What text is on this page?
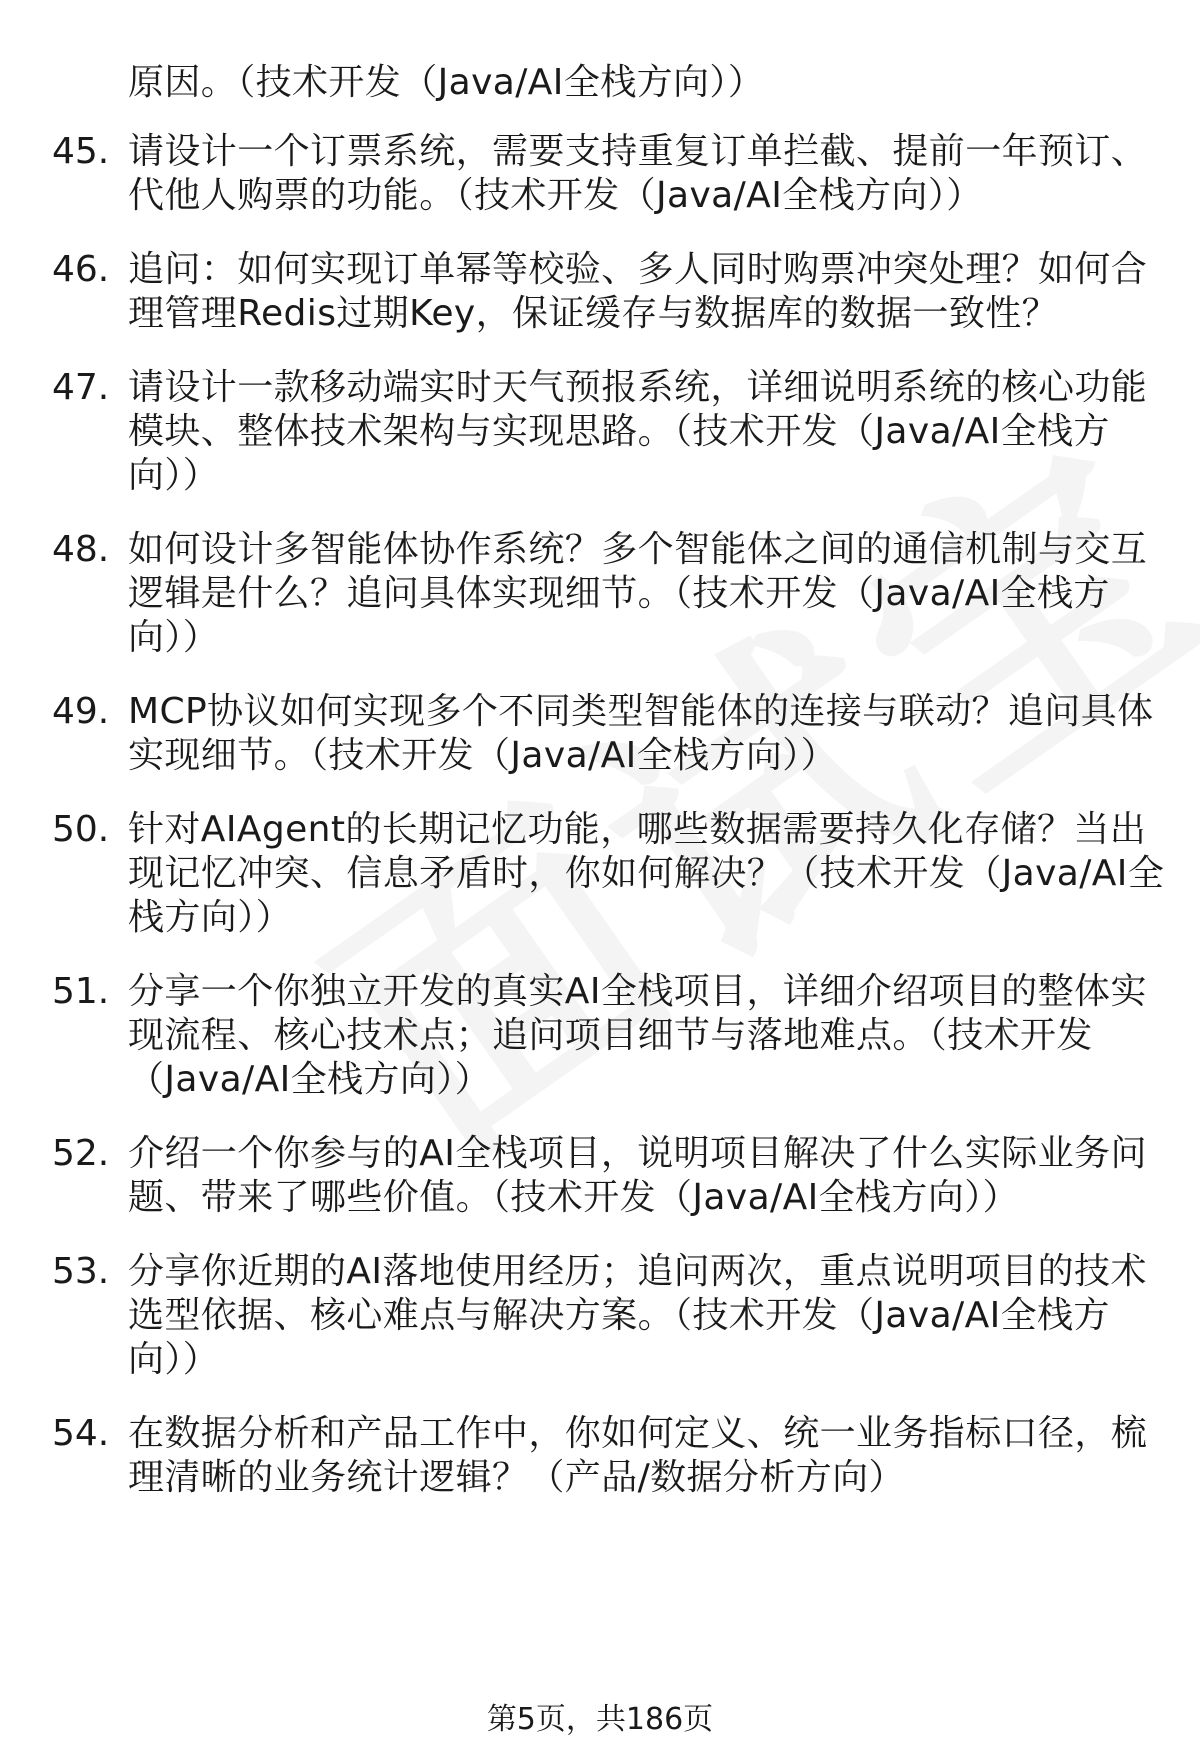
原因。（技术开发（Java/AI全栈方向））
45. 请设计一个订票系统，需要支持重复订单拦截、提前一年预订、
代他人购票的功能。（技术开发（Java/AI全栈方向））
46. 追问：如何实现订单幂等校验、多人同时购票冲突处理？如何合
理管理Redis过期Key，保证缓存与数据库的数据一致性？
47. 请设计一款移动端实时天气预报系统，详细说明系统的核心功能
模块、整体技术架构与实现思路。（技术开发（Java/AI全栈方
向））
48. 如何设计多智能体协作系统？多个智能体之间的通信机制与交互
逻辑是什么？追问具体实现细节。（技术开发（Java/AI全栈方
向））
49. MCP协议如何实现多个不同类型智能体的连接与联动？追问具体
实现细节。（技术开发（Java/AI全栈方向））
50. 针对AIAgent的长期记忆功能，哪些数据需要持久化存储？当出
现记忆冲突、信息矛盾时，你如何解决？（技术开发（Java/AI全
栈方向））
51. 分享一个你独立开发的真实AI全栈项目，详细介绍项目的整体实
现流程、核心技术点；追问项目细节与落地难点。（技术开发
（Java/AI全栈方向））
52. 介绍一个你参与的AI全栈项目，说明项目解决了什么实际业务问
题、带来了哪些价值。（技术开发（Java/AI全栈方向））
53. 分享你近期的AI落地使用经历；追问两次，重点说明项目的技术
选型依据、核心难点与解决方案。（技术开发（Java/AI全栈方
向））
54. 在数据分析和产品工作中，你如何定义、统一业务指标口径，梳
理清晰的业务统计逻辑？（产品/数据分析方向）
第5页，共186页
